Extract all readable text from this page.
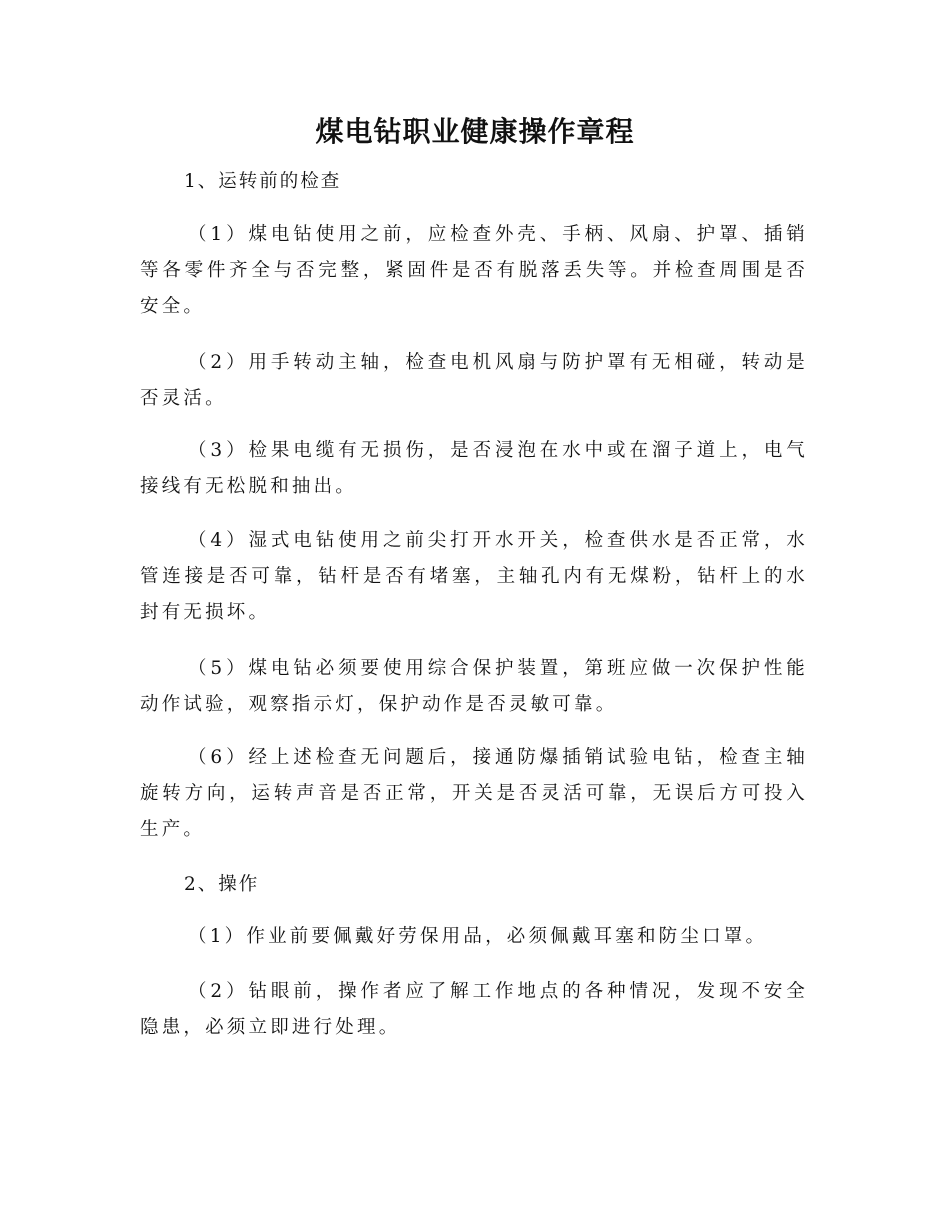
煤电钻职业健康操作章程

1、运转前的检查

（1）煤电钻使用之前，应检查外壳、手柄、风扇、护罩、插销等各零件齐全与否完整，紧固件是否有脱落丢失等。并检查周围是否安全。

（2）用手转动主轴，检查电机风扇与防护罩有无相碰，转动是否灵活。

（3）检果电缆有无损伤，是否浸泡在水中或在溜子道上，电气接线有无松脱和抽出。

（4）湿式电钻使用之前尖打开水开关，检查供水是否正常，水管连接是否可靠，钻杆是否有堵塞，主轴孔内有无煤粉，钻杆上的水封有无损坏。

（5）煤电钻必须要使用综合保护装置，第班应做一次保护性能动作试验，观察指示灯，保护动作是否灵敏可靠。

（6）经上述检查无问题后，接通防爆插销试验电钻，检查主轴旋转方向，运转声音是否正常，开关是否灵活可靠，无误后方可投入生产。

2、操作

（1）作业前要佩戴好劳保用品，必须佩戴耳塞和防尘口罩。

（2）钻眼前，操作者应了解工作地点的各种情况，发现不安全隐患，必须立即进行处理。
